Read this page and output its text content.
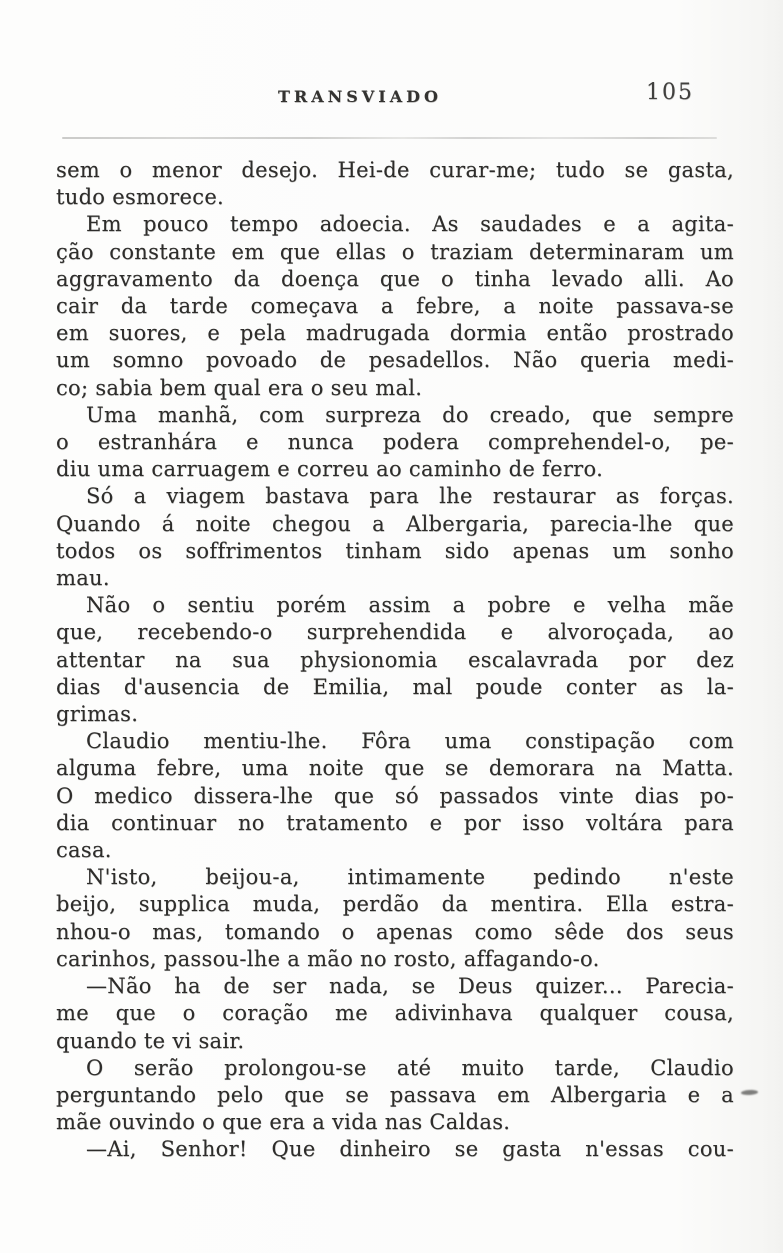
TRANSVIADO	105
sem o menor desejo. Hei-de curar-me; tudo se gasta,
tudo esmorece.
Em pouco tempo adoecia. As saudades e a agita-
ção constante em que ellas o traziam determinaram um
aggravamento da doença que o tinha levado alli. Ao
cair da tarde começava a febre, a noite passava-se
em suores, e pela madrugada dormia então prostrado
um somno povoado de pesadellos. Não queria medi-
co; sabia bem qual era o seu mal.
Uma manhã, com surpreza do creado, que sempre
o estranhára e nunca podera comprehendel-o, pe-
diu uma carruagem e correu ao caminho de ferro.
Só a viagem bastava para lhe restaurar as forças.
Quando á noite chegou a Albergaria, parecia-lhe que
todos os soffrimentos tinham sido apenas um sonho
mau.
Não o sentiu porém assim a pobre e velha mãe
que, recebendo-o surprehendida e alvoroçada, ao
attentar na sua physionomia escalavrada por dez
dias d'ausencia de Emilia, mal poude conter as la-
grimas.
Claudio mentiu-lhe. Fôra uma constipação com
alguma febre, uma noite que se demorara na Matta.
O medico dissera-lhe que só passados vinte dias po-
dia continuar no tratamento e por isso voltára para
casa.
N'isto, beijou-a, intimamente pedindo n'este
beijo, supplica muda, perdão da mentira. Ella estra-
nhou-o mas, tomando o apenas como sêde dos seus
carinhos, passou-lhe a mão no rosto, affagando-o.
—Não ha de ser nada, se Deus quizer... Parecia-
me que o coração me adivinhava qualquer cousa,
quando te vi sair.
O serão prolongou-se até muito tarde, Claudio
perguntando pelo que se passava em Albergaria e a
mãe ouvindo o que era a vida nas Caldas.
—Ai, Senhor! Que dinheiro se gasta n'essas cou-
